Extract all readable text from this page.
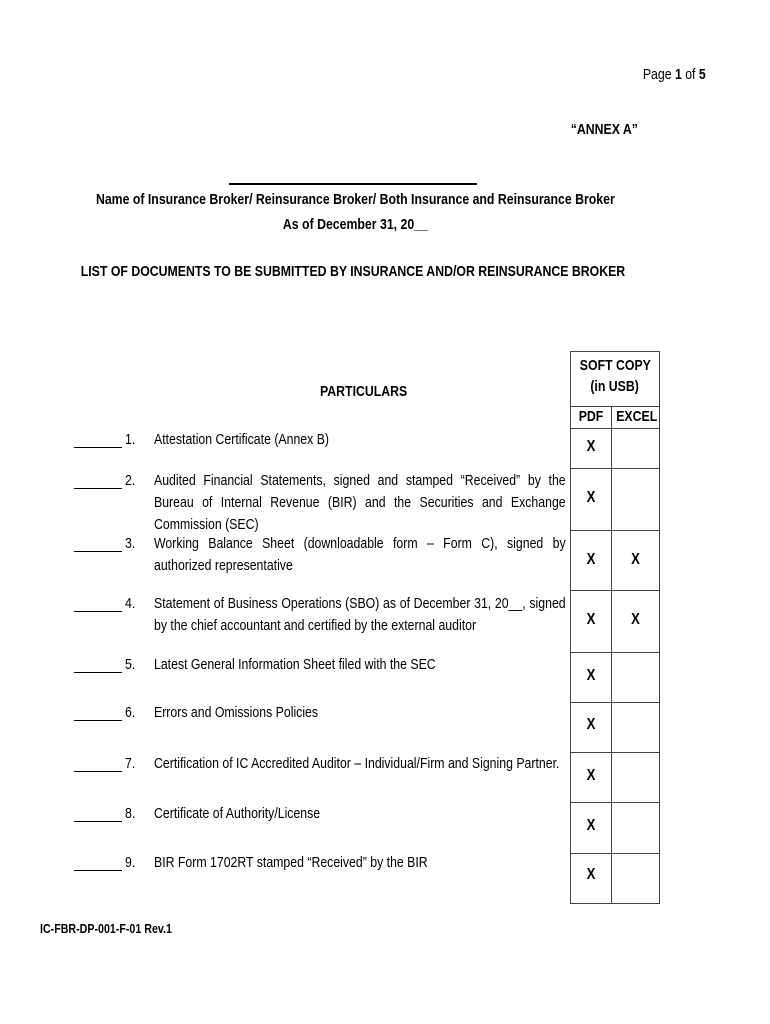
Page 1 of 5
“ANNEX A”
Name of Insurance Broker/ Reinsurance Broker/ Both Insurance and Reinsurance Broker
As of December 31, 20__
LIST OF DOCUMENTS TO BE SUBMITTED BY INSURANCE AND/OR REINSURANCE BROKER
PARTICULARS
SOFT COPY
(in USB)
PDF EXCEL
X
X
X	X
X	X
X
X
X
X
X
1. Attestation Certificate (Annex B)
2. Audited Financial Statements, signed and stamped “Received” by the Bureau of Internal Revenue (BIR) and the Securities and Exchange Commission (SEC)
3. Working Balance Sheet (downloadable form – Form C), signed by authorized representative
4. Statement of Business Operations (SBO) as of December 31, 20__, signed by the chief accountant and certified by the external auditor
5. Latest General Information Sheet filed with the SEC
6. Errors and Omissions Policies
7. Certification of IC Accredited Auditor – Individual/Firm and Signing Partner.
8. Certificate of Authority/License
9. BIR Form 1702RT stamped “Received” by the BIR
IC-FBR-DP-001-F-01 Rev.1
